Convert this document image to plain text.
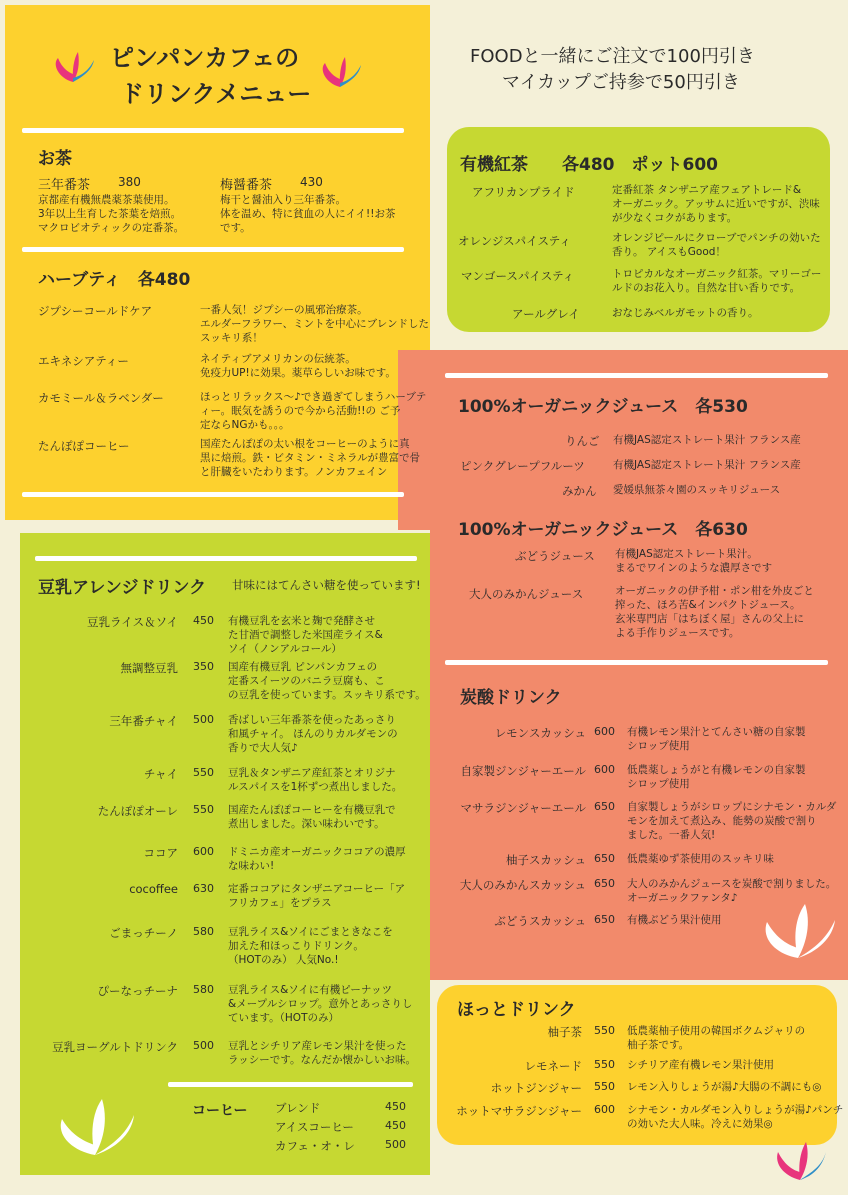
ピンパンカフェの
ドリンクメニュー
FOODと一緒にご注文で100円引き
マイカップご持参で50円引き
お茶
三年番茶 380
京都産有機無農薬茶葉使用。
3年以上生育した茶葉を焙煎。
マクロビオティックの定番茶。
梅醤番茶 430
梅干と醤油入り三年番茶。
体を温め、特に貧血の人にイイ!!お茶
です。
ハーブティ　各480
ジプシーコールドケア	一番人気！ジプシーの風邪治療茶。
エルダーフラワー、ミントを中心にブレンドした
スッキリ系！
エキネシアティー	ネイティブアメリカンの伝統茶。
免疫力UP!に効果。薬草らしいお味です。
カモミール＆ラベンダー	ほっとリラックス～♪でき過ぎてしまうハーブテ
ィー。眠気を誘うので今から活動!!の ご予
定ならNGかも。。。
たんぽぽコーヒー	国産たんぽぽの太い根をコーヒーのように真
黒に焙煎。鉄・ビタミン・ミネラルが豊富で骨
と肝臓をいたわります。ノンカフェイン
豆乳アレンジドリンク 甘味にはてんさい糖を使っています!
豆乳ライス＆ソイ 450 有機豆乳を玄米と麹で発酵させ
た甘酒で調整した米国産ライス&
ソイ（ノンアルコール）
無調整豆乳 350 国産有機豆乳 ピンパンカフェの
定番スイーツのバニラ豆腐も、こ
の豆乳を使っています。スッキリ系です。
三年番チャイ 500 香ばしい三年番茶を使ったあっさり
和風チャイ。 ほんのりカルダモンの
香りで大人気♪
チャイ 550 豆乳＆タンザニア産紅茶とオリジナ
ルスパイスを1杯ずつ煮出しました。
たんぽぽオーレ 550 国産たんぽぽコーヒーを有機豆乳で
煮出しました。深い味わいです。
ココア 600 ドミニカ産オーガニックココアの濃厚
な味わい!
cocoffee 630 定番ココアにタンザニアコーヒー「ア
フリカフェ」をプラス
ごまっチーノ 580 豆乳ライス&ソイにごまときなこを
加えた和ほっこりドリンク。
（HOTのみ） 人気No.!
ぴーなっチーナ 580 豆乳ライス&ソイに有機ピーナッツ
&メープルシロップ。意外とあっさりし
ています。（HOTのみ）
豆乳ヨーグルトドリンク 500 豆乳とシチリア産レモン果汁を使った
ラッシーです。なんだか懐かしいお味。
コーヒー ブレンド	450
アイスコーヒー	450
カフェ・オ・レ	500
有機紅茶　　各480　ポット600
アフリカンプライド	定番紅茶 タンザニア産フェアトレード&
オーガニック。アッサムに近いですが、渋味
が少なくコクがあります。
オレンジスパイスティ	オレンジピールにクローブでパンチの効いた
香り。 アイスもGood！
マンゴースパイスティ	トロピカルなオーガニック紅茶。マリーゴー
ルドのお花入り。自然な甘い香りです。
アールグレイ	おなじみベルガモットの香り。
100%オーガニックジュース　各530
りんご 有機JAS認定ストレート果汁 フランス産
ピンクグレープフルーツ	有機JAS認定ストレート果汁 フランス産
みかん 愛媛県無茶々園のスッキリジュース
100%オーガニックジュース　各630
ぶどうジュース 有機JAS認定ストレート果汁。
まるでワインのような濃厚さです
大人のみかんジュース	オーガニックの伊予柑・ポン柑を外皮ごと
搾った、ほろ苦&インパクトジュース。
玄米専門店「はちぼく屋」さんの父上に
よる手作りジュースです。
炭酸ドリンク
レモンスカッシュ 600 有機レモン果汁とてんさい糖の自家製
シロップ使用
自家製ジンジャーエール 600 低農薬しょうがと有機レモンの自家製
シロップ使用
マサラジンジャーエール 650 自家製しょうがシロップにシナモン・カルダ
モンを加えて煮込み、能勢の炭酸で割り
ました。一番人気!
柚子スカッシュ 650 低農薬ゆず茶使用のスッキリ味
大人のみかんスカッシュ 650 大人のみかんジュースを炭酸で割りました。
オーガニックファンタ♪
ぶどうスカッシュ 650 有機ぶどう果汁使用
ほっとドリンク
柚子茶 550 低農薬柚子使用の韓国ボクムジャリの
柚子茶です。
レモネード 550 シチリア産有機レモン果汁使用
ホットジンジャー 550 レモン入りしょうが湯♪大腸の不調にも◎
ホットマサラジンジャー 600 シナモン・カルダモン入りしょうが湯♪パンチ
の効いた大人味。冷えに効果◎
